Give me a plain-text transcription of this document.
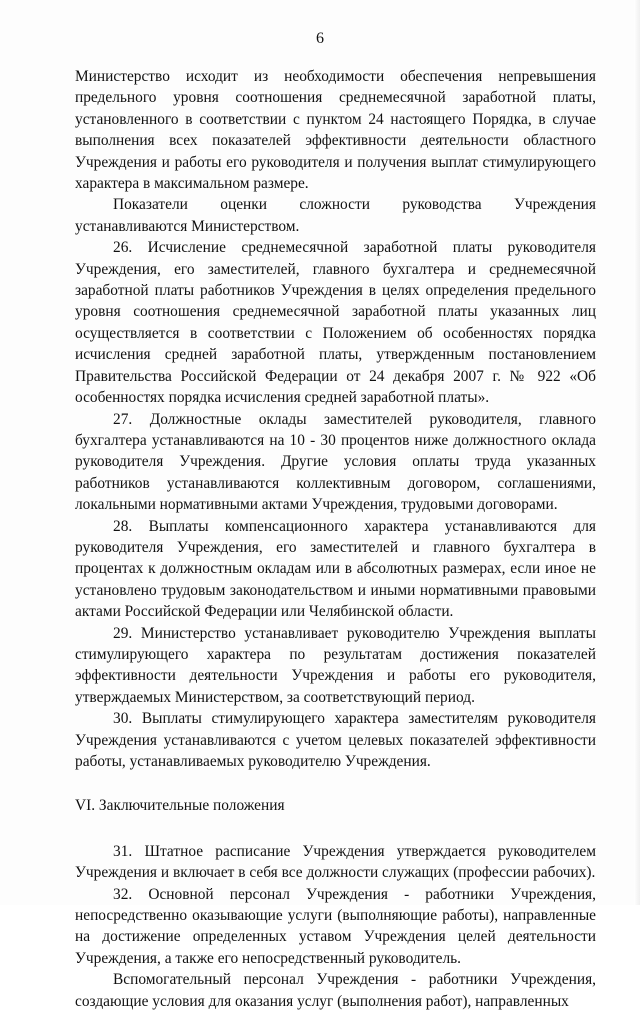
6

Министерство исходит из необходимости обеспечения непревышения предельного уровня соотношения среднемесячной заработной платы, установленного в соответствии с пунктом 24 настоящего Порядка, в случае выполнения всех показателей эффективности деятельности областного Учреждения и работы его руководителя и получения выплат стимулирующего характера в максимальном размере.

Показатели оценки сложности руководства Учреждения устанавливаются Министерством.

26. Исчисление среднемесячной заработной платы руководителя Учреждения, его заместителей, главного бухгалтера и среднемесячной заработной платы работников Учреждения в целях определения предельного уровня соотношения среднемесячной заработной платы указанных лиц осуществляется в соответствии с Положением об особенностях порядка исчисления средней заработной платы, утвержденным постановлением Правительства Российской Федерации от 24 декабря 2007 г. № 922 «Об особенностях порядка исчисления средней заработной платы».

27. Должностные оклады заместителей руководителя, главного бухгалтера устанавливаются на 10 - 30 процентов ниже должностного оклада руководителя Учреждения. Другие условия оплаты труда указанных работников устанавливаются коллективным договором, соглашениями, локальными нормативными актами Учреждения, трудовыми договорами.

28. Выплаты компенсационного характера устанавливаются для руководителя Учреждения, его заместителей и главного бухгалтера в процентах к должностным окладам или в абсолютных размерах, если иное не установлено трудовым законодательством и иными нормативными правовыми актами Российской Федерации или Челябинской области.

29. Министерство устанавливает руководителю Учреждения выплаты стимулирующего характера по результатам достижения показателей эффективности деятельности Учреждения и работы его руководителя, утверждаемых Министерством, за соответствующий период.

30. Выплаты стимулирующего характера заместителям руководителя Учреждения устанавливаются с учетом целевых показателей эффективности работы, устанавливаемых руководителю Учреждения.

VI. Заключительные положения

31. Штатное расписание Учреждения утверждается руководителем Учреждения и включает в себя все должности служащих (профессии рабочих).

32. Основной персонал Учреждения - работники Учреждения, непосредственно оказывающие услуги (выполняющие работы), направленные на достижение определенных уставом Учреждения целей деятельности Учреждения, а также его непосредственный руководитель.

Вспомогательный персонал Учреждения - работники Учреждения, создающие условия для оказания услуг (выполнения работ), направленных
